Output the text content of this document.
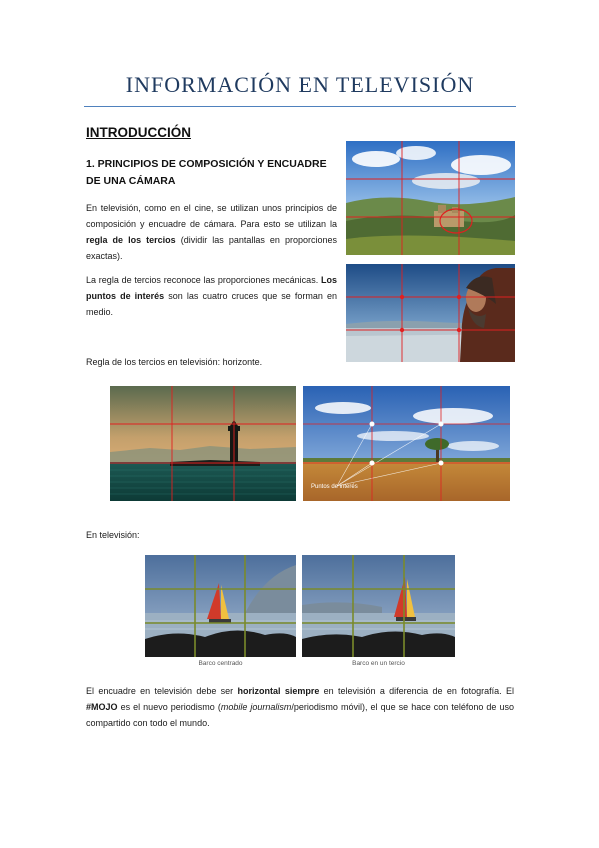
INFORMACIÓN EN TELEVISIÓN
INTRODUCCIÓN
1. PRINCIPIOS DE COMPOSICIÓN Y ENCUADRE DE UNA CÁMARA
En televisión, como en el cine, se utilizan unos principios de composición y encuadre de cámara. Para esto se utilizan la regla de los tercios (dividir las pantallas en proporciones exactas).
La regla de tercios reconoce las proporciones mecánicas. Los puntos de interés son las cuatro cruces que se forman en medio.
Regla de los tercios en televisión: horizonte.
Puntos de interés
En televisión:
Barco centrado	Barco en un tercio
El encuadre en televisión debe ser horizontal siempre en televisión a diferencia de en fotografía. El #MOJO es el nuevo periodismo (mobile journalism/periodismo móvil), el que se hace con teléfono de uso compartido con todo el mundo.
